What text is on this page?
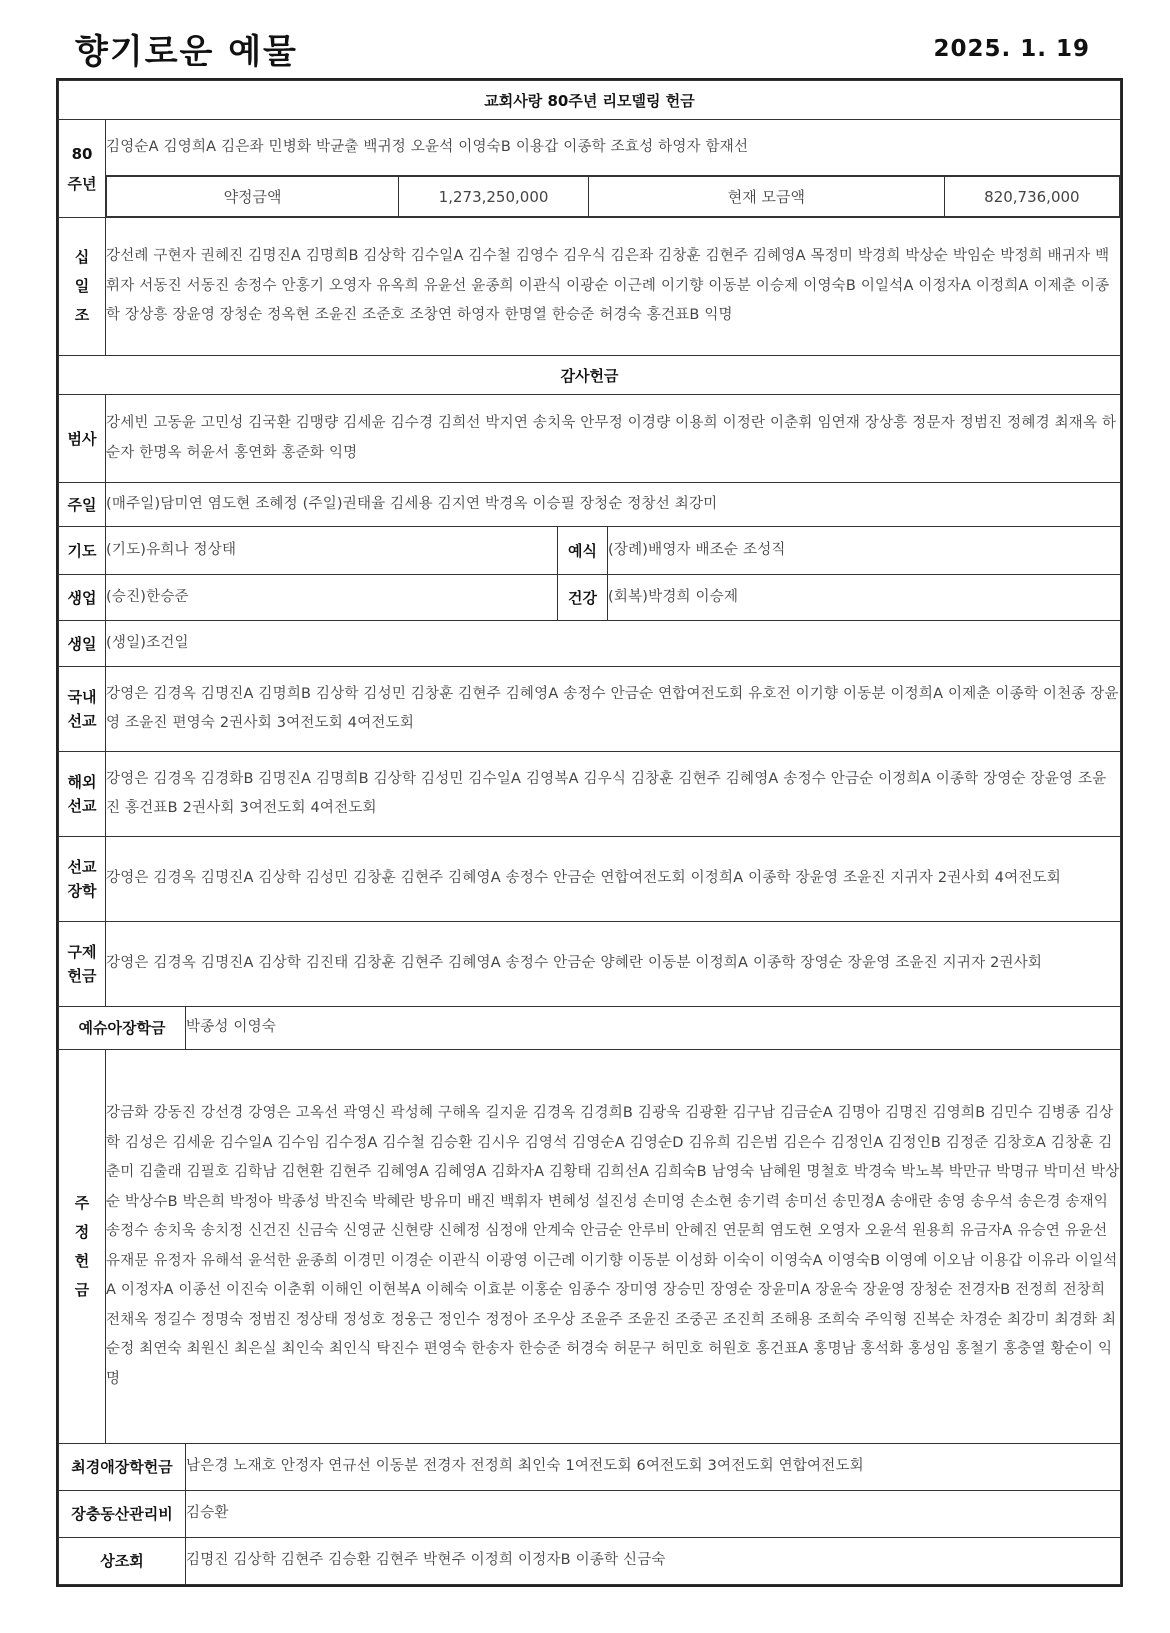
향기로운 예물	2025. 1. 19
교회사랑 80주년 리모델링 헌금
80
주년	김영순A 김영희A 김은좌 민병화 박균출 백귀정 오윤석 이영숙B 이용갑 이종학 조효성 하영자 함재선

약정금액	1,273,250,000	현재 모금액	820,736,000

십일조	강선례 구현자 권혜진 김명진A 김명희B 김상학 김수일A 김수철 김영수 김우식 김은좌 김창훈 김현주 김혜영A 목정미 박경희 박상순 박임순 박정희 배귀자 백휘자 서동진 서동진 송정수 안홍기 오영자 유옥희 유윤선 윤종희 이관식 이광순 이근례 이기향 이동분 이승제 이영숙B 이일석A 이정자A 이정희A 이제춘 이종학 장상흥 장윤영 장청순 정옥현 조윤진 조준호 조창연 하영자 한명열 한승준 허경숙 홍건표B 익명
감사헌금
범사	강세빈 고동윤 고민성 김국환 김맹량 김세윤 김수경 김희선 박지연 송치욱 안무정 이경량 이용희 이정란 이춘휘 임연재 장상흥 정문자 정범진 정혜경 최재옥 하순자 한명옥 허윤서 홍연화 홍준화 익명
주일	(매주일)담미연 염도현 조혜정 (주일)권태율 김세용 김지연 박경옥 이승필 장청순 정창선 최강미
기도	(기도)유희나 정상태	예식	(장례)배영자 배조순 조성직
생업	(승진)한승준	건강	(회복)박경희 이승제
생일	(생일)조건일
국내
선교	강영은 김경옥 김명진A 김명희B 김상학 김성민 김창훈 김현주 김혜영A 송정수 안금순 연합여전도회 유호전 이기향 이동분 이정희A 이제춘 이종학 이천종 장윤영 조윤진 편영숙 2권사회 3여전도회 4여전도회
해외
선교	강영은 김경옥 김경화B 김명진A 김명희B 김상학 김성민 김수일A 김영복A 김우식 김창훈 김현주 김혜영A 송정수 안금순 이정희A 이종학 장영순 장윤영 조윤진 홍건표B 2권사회 3여전도회 4여전도회
선교
장학	강영은 김경옥 김명진A 김상학 김성민 김창훈 김현주 김혜영A 송정수 안금순 연합여전도회 이정희A 이종학 장윤영 조윤진 지귀자 2권사회 4여전도회
구제
헌금	강영은 김경옥 김명진A 김상학 김진태 김창훈 김현주 김혜영A 송정수 안금순 양혜란 이동분 이정희A 이종학 장영순 장윤영 조윤진 지귀자 2권사회
예슈아장학금	박종성 이영숙
주정헌금	강금화 강동진 강선경 강영은 고옥선 곽영신 곽성혜 구해옥 길지윤 김경옥 김경희B 김광욱 김광환 김구남 김금순A 김명아 김명진 김영희B 김민수 김병종 김상학 김성은 김세윤 김수일A 김수임 김수정A 김수철 김승환 김시우 김영석 김영순A 김영순D 김유희 김은범 김은수 김정인A 김정인B 김정준 김창호A 김창훈 김춘미 김출래 김필호 김학남 김현환 김현주 김혜영A 김혜영A 김화자A 김황태 김희선A 김희숙B 남영숙 남혜원 명철호 박경숙 박노복 박만규 박명규 박미선 박상순 박상수B 박은희 박정아 박종성 박진숙 박혜란 방유미 배진 백휘자 변혜성 설진성 손미영 손소현 송기력 송미선 송민정A 송애란 송영 송우석 송은경 송재익 송정수 송치욱 송치정 신건진 신금숙 신영균 신현량 신혜정 심정애 안계숙 안금순 안루비 안혜진 연문희 염도현 오영자 오윤석 원용희 유금자A 유승연 유윤선 유재문 유정자 유해석 윤석한 윤종희 이경민 이경순 이관식 이광영 이근례 이기향 이동분 이성화 이숙이 이영숙A 이영숙B 이영예 이오남 이용갑 이유라 이일석A 이정자A 이종선 이진숙 이춘휘 이해인 이현복A 이혜숙 이효분 이홍순 임종수 장미영 장승민 장영순 장윤미A 장윤숙 장윤영 장청순 전경자B 전정희 전창희 전채옥 정길수 정명숙 정범진 정상태 정성호 정웅근 정인수 정정아 조우상 조윤주 조윤진 조중곤 조진희 조해용 조희숙 주익형 진복순 차경순 최강미 최경화 최순정 최연숙 최원신 최은실 최인숙 최인식 탁진수 편영숙 한송자 한승준 허경숙 허문구 허민호 허원호 홍건표A 홍명남 홍석화 홍성임 홍철기 홍충열 황순이 익명
최경애장학헌금	남은경 노재호 안정자 연규선 이동분 전경자 전정희 최인숙 1여전도회 6여전도회 3여전도회 연합여전도회
장충동산관리비	김승환
상조회	김명진 김상학 김현주 김승환 김현주 박현주 이정희 이정자B 이종학 신금숙
